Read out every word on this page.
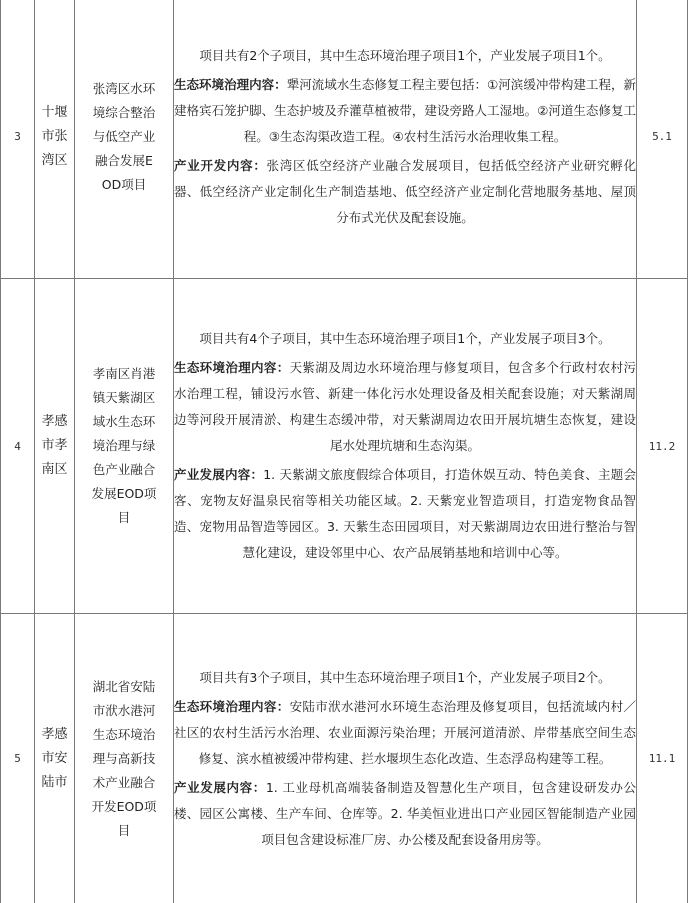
3	十堰市张湾区	张湾区水环境综合整治与低空产业融合发展EOD项目	项目共有2个子项目，其中生态环境治理子项目1个，产业发展子项目1个。

生态环境治理内容：犟河流域水生态修复工程主要包括：①河滨缓冲带构建工程，新建格宾石笼护脚、生态护坡及乔灌草植被带，建设旁路人工湿地。②河道生态修复工程。③生态沟渠改造工程。④农村生活污水治理收集工程。

产业开发内容：张湾区低空经济产业融合发展项目，包括低空经济产业研究孵化器、低空经济产业定制化生产制造基地、低空经济产业定制化营地服务基地、屋顶分布式光伏及配套设施。	5.1
4	孝感市孝南区	孝南区肖港镇天紫湖区域水生态环境治理与绿色产业融合发展EOD项目	项目共有4个子项目，其中生态环境治理子项目1个，产业发展子项目3个。

生态环境治理内容：天紫湖及周边水环境治理与修复项目，包含多个行政村农村污水治理工程，铺设污水管、新建一体化污水处理设备及相关配套设施；对天紫湖周边等河段开展清淤、构建生态缓冲带，对天紫湖周边农田开展坑塘生态恢复，建设尾水处理坑塘和生态沟渠。

产业发展内容：1. 天紫湖文旅度假综合体项目，打造休娱互动、特色美食、主题会客、宠物友好温泉民宿等相关功能区域。2. 天紫宠业智造项目，打造宠物食品智造、宠物用品智造等园区。3. 天紫生态田园项目，对天紫湖周边农田进行整治与智慧化建设，建设邻里中心、农产品展销基地和培训中心等。	11.2
5	孝感市安陆市	湖北省安陆市洑水港河生态环境治理与高新技术产业融合开发EOD项目	项目共有3个子项目，其中生态环境治理子项目1个，产业发展子项目2个。

生态环境治理内容：安陆市洑水港河水环境生态治理及修复项目，包括流域内村／社区的农村生活污水治理、农业面源污染治理；开展河道清淤、岸带基底空间生态修复、滨水植被缓冲带构建、拦水堰坝生态化改造、生态浮岛构建等工程。

产业发展内容：1. 工业母机高端装备制造及智慧化生产项目，包含建设研发办公楼、园区公寓楼、生产车间、仓库等。2. 华美恒业进出口产业园区智能制造产业园项目包含建设标准厂房、办公楼及配套设备用房等。	11.1
